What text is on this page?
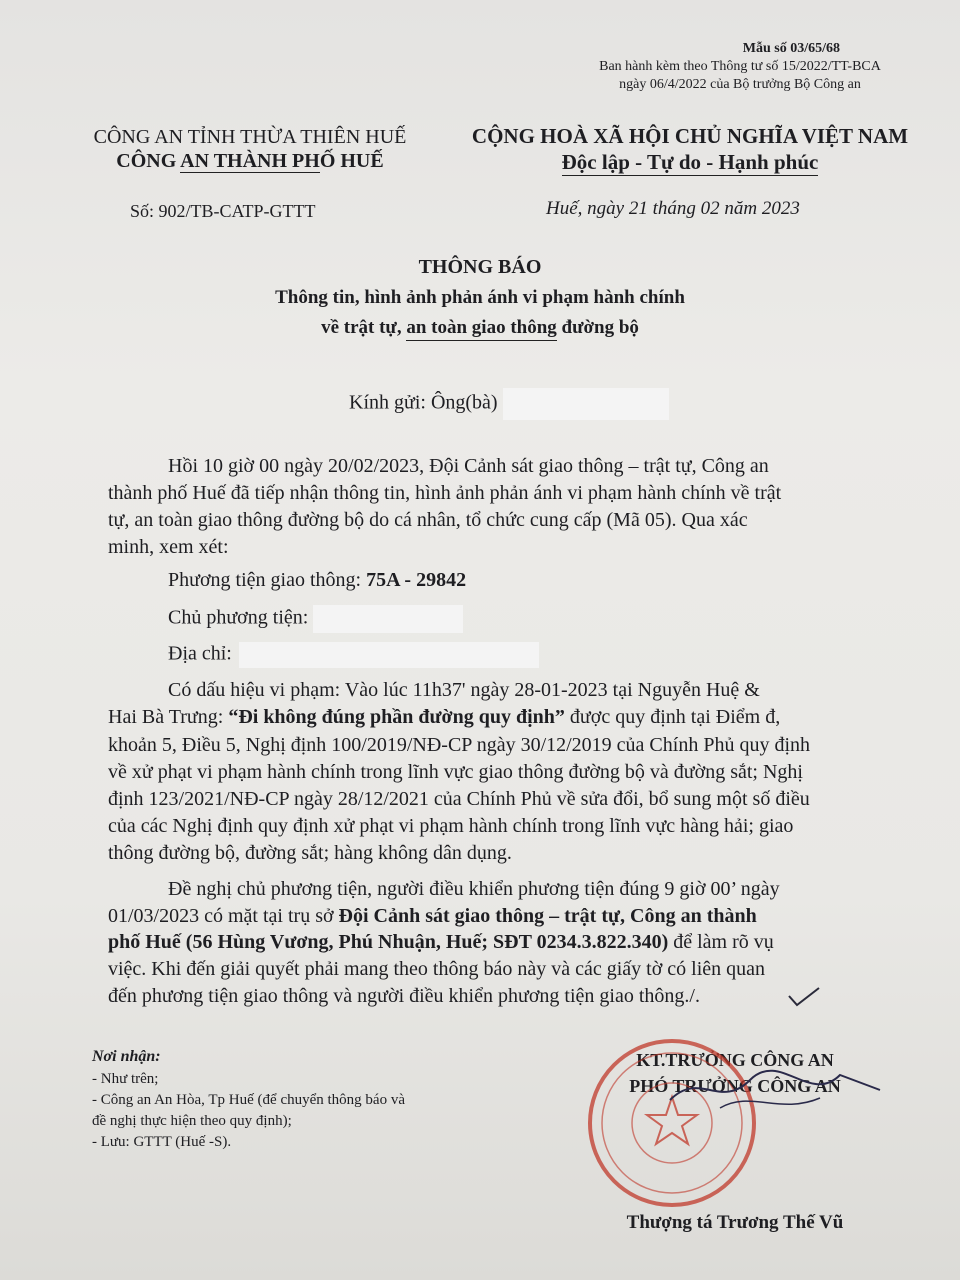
Mẫu số 03/65/68
Ban hành kèm theo Thông tư số 15/2022/TT-BCA
ngày 06/4/2022 của Bộ trưởng Bộ Công an
CÔNG AN TỈNH THỪA THIÊN HUẾ
CÔNG AN THÀNH PHỐ HUẾ
Số: 902/TB-CATP-GTTT
CỘNG HOÀ XÃ HỘI CHỦ NGHĨA VIỆT NAM
Độc lập - Tự do - Hạnh phúc
Huế, ngày 21 tháng 02 năm 2023
THÔNG BÁO
Thông tin, hình ảnh phản ánh vi phạm hành chính
về trật tự, an toàn giao thông đường bộ
Kính gửi: Ông(bà)
Hồi 10 giờ 00 ngày 20/02/2023, Đội Cảnh sát giao thông – trật tự, Công an
thành phố Huế đã tiếp nhận thông tin, hình ảnh phản ánh vi phạm hành chính về trật
tự, an toàn giao thông đường bộ do cá nhân, tổ chức cung cấp (Mã 05). Qua xác
minh, xem xét:
Phương tiện giao thông: 75A - 29842
Chủ phương tiện:
Địa chỉ:
Có dấu hiệu vi phạm: Vào lúc 11h37' ngày 28-01-2023 tại Nguyễn Huệ &
Hai Bà Trưng: “Đi không đúng phần đường quy định” được quy định tại Điểm đ,
khoản 5, Điều 5, Nghị định 100/2019/NĐ-CP ngày 30/12/2019 của Chính Phủ quy định
về xử phạt vi phạm hành chính trong lĩnh vực giao thông đường bộ và đường sắt; Nghị
định 123/2021/NĐ-CP ngày 28/12/2021 của Chính Phủ về sửa đổi, bổ sung một số điều
của các Nghị định quy định xử phạt vi phạm hành chính trong lĩnh vực hàng hải; giao
thông đường bộ, đường sắt; hàng không dân dụng.
Đề nghị chủ phương tiện, người điều khiển phương tiện đúng 9 giờ 00’ ngày
01/03/2023 có mặt tại trụ sở Đội Cảnh sát giao thông – trật tự, Công an thành
phố Huế (56 Hùng Vương, Phú Nhuận, Huế; SĐT 0234.3.822.340) để làm rõ vụ
việc. Khi đến giải quyết phải mang theo thông báo này và các giấy tờ có liên quan
đến phương tiện giao thông và người điều khiển phương tiện giao thông./.
Nơi nhận:
- Như trên;
- Công an An Hòa, Tp Huế (để chuyển thông báo và
đề nghị thực hiện theo quy định);
- Lưu: GTTT (Huế -S).
KT.TRƯỞNG CÔNG AN
PHÓ TRƯỞNG CÔNG AN
Thượng tá Trương Thế Vũ
